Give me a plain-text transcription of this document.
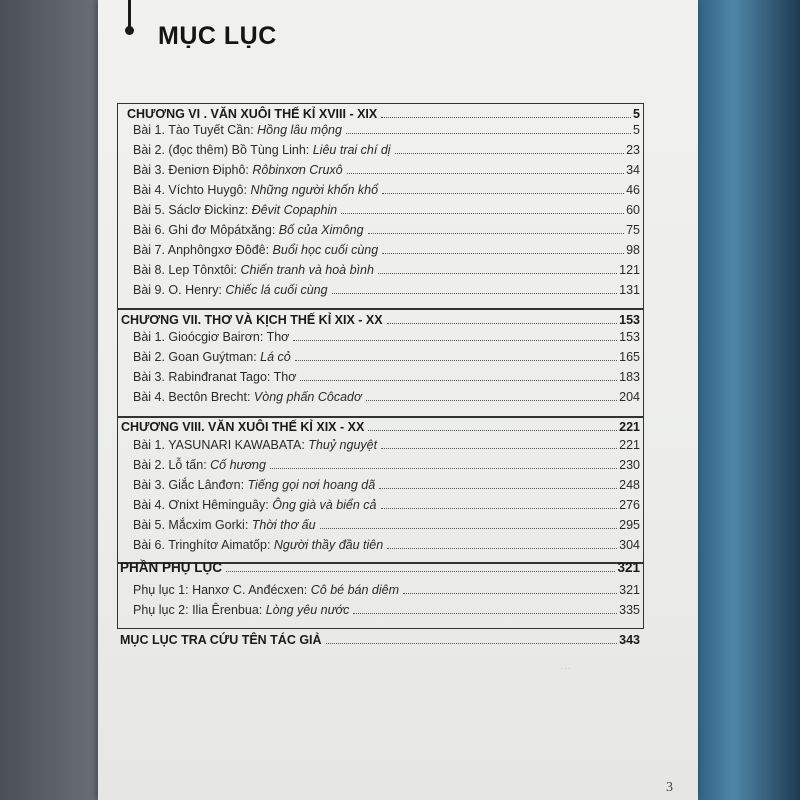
MỤC LỤC
CHƯƠNG VI . VĂN XUÔI THẾ KỈ XVIII - XIX	5
Bài 1. Tào Tuyết Cần: Hồng lâu mộng	5
Bài 2. (đọc thêm) Bồ Tùng Linh: Liêu trai chí dị	23
Bài 3. Đeniơn Điphô: Rôbinxơn Cruxô	34
Bài 4. Víchto Huygô: Những người khốn khổ	46
Bài 5. Sáclơ Đickinz: Đêvit Copaphin	60
Bài 6. Ghi đơ Môpátxăng: Bố của Ximông	75
Bài 7. Anphôngxơ Đôđê: Buổi học cuối cùng	98
Bài 8. Lep Tônxtôi: Chiến tranh và hoà bình	121
Bài 9. O. Henry: Chiếc lá cuối cùng	131
CHƯƠNG VII. THƠ VÀ KỊCH THẾ KỈ XIX - XX	153
Bài 1. Gioócgiơ Bairơn: Thơ	153
Bài 2. Goan Guýtman: Lá cỏ	165
Bài 3. Rabinđranat Tago: Thơ	183
Bài 4. Bectôn Brecht: Vòng phấn Côcadơ	204
CHƯƠNG VIII. VĂN XUÔI THẾ KỈ XIX - XX	221
Bài 1. YASUNARI KAWABATA: Thuỷ nguyệt	221
Bài 2. Lỗ tấn: Cố hương	230
Bài 3. Giắc Lânđơn: Tiếng gọi nơi hoang dã	248
Bài 4. Ơnixt Hêminguây: Ông già và biển cả	276
Bài 5. Mắcxim Gorki: Thời thơ ấu	295
Bài 6. Tringhítơ Aimatốp: Người thầy đầu tiên	304
PHẦN PHỤ LỤC	321
Phụ lục 1: Hanxơ C. Anđécxen: Cô bé bán diêm	321
Phụ lục 2: Ilia Êrenbua: Lòng yêu nước	335
MỤC LỤC TRA CỨU TÊN TÁC GIẢ	343
…
3
